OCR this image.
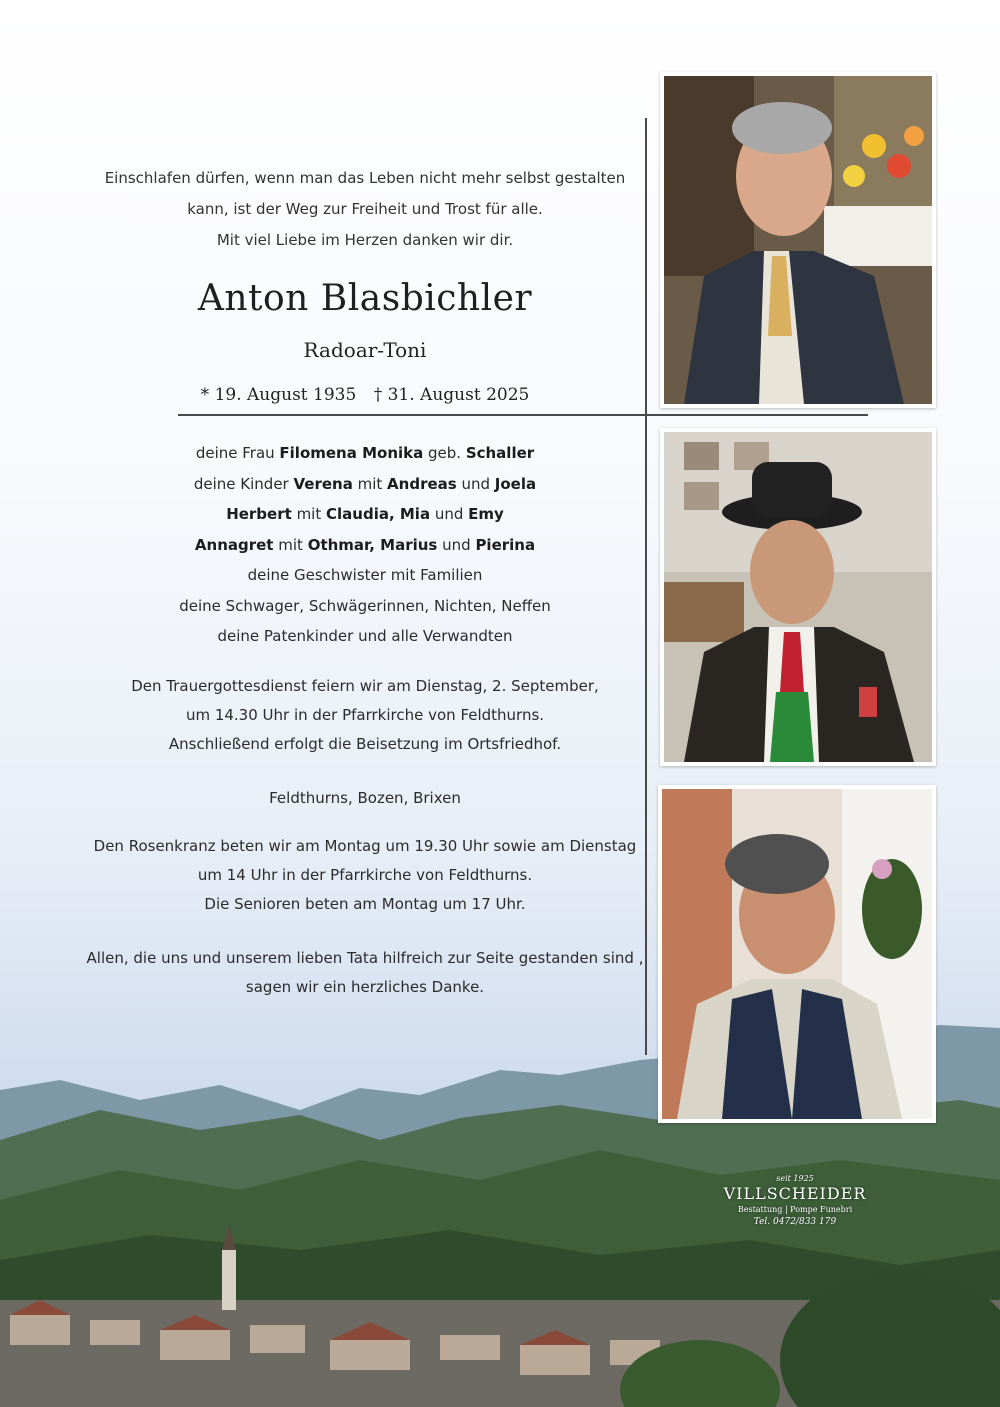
Einschlafen dürfen, wenn man das Leben nicht mehr selbst gestalten
kann, ist der Weg zur Freiheit und Trost für alle.
Mit viel Liebe im Herzen danken wir dir.
Anton Blasbichler
Radoar-Toni
* 19. August 1935 † 31. August 2025
deine Frau Filomena Monika geb. Schaller
deine Kinder Verena mit Andreas und Joela
Herbert mit Claudia, Mia und Emy
Annagret mit Othmar, Marius und Pierina
deine Geschwister mit Familien
deine Schwager, Schwägerinnen, Nichten, Neffen
deine Patenkinder und alle Verwandten
Den Trauergottesdienst feiern wir am Dienstag, 2. September,
um 14.30 Uhr in der Pfarrkirche von Feldthurns.
Anschließend erfolgt die Beisetzung im Ortsfriedhof.
Feldthurns, Bozen, Brixen
Den Rosenkranz beten wir am Montag um 19.30 Uhr sowie am Dienstag
um 14 Uhr in der Pfarrkirche von Feldthurns.
Die Senioren beten am Montag um 17 Uhr.
Allen, die uns und unserem lieben Tata hilfreich zur Seite gestanden sind ,
sagen wir ein herzliches Danke.
seit 1925
VILLSCHEIDER
Bestattung | Pompe Funebri
Tel. 0472/833 179
